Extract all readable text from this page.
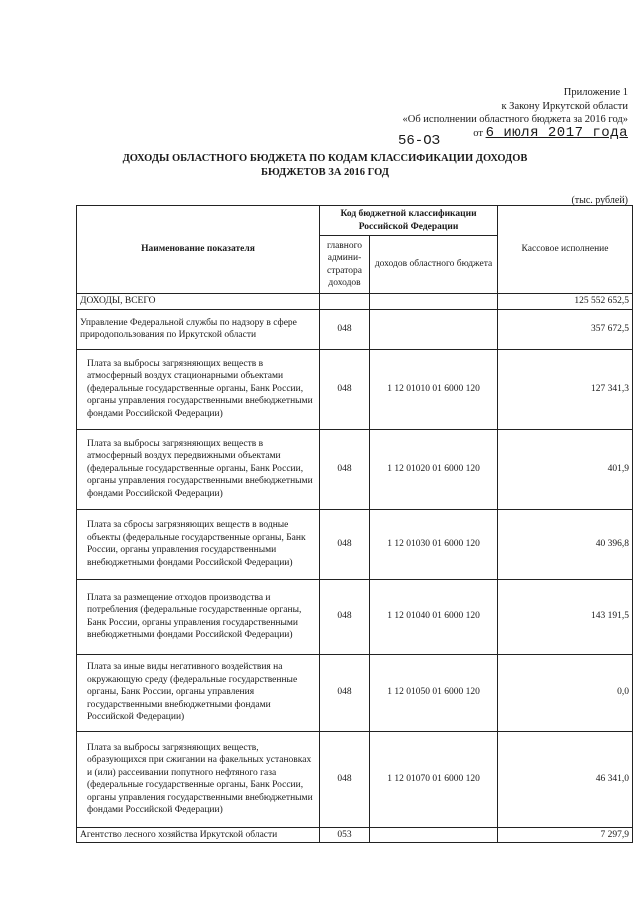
Приложение 1
к Закону Иркутской области
«Об исполнении областного бюджета за 2016 год»
от 6 июля 2017 года
56-ОЗ
ДОХОДЫ ОБЛАСТНОГО БЮДЖЕТА ПО КОДАМ КЛАССИФИКАЦИИ ДОХОДОВ
БЮДЖЕТОВ ЗА 2016 ГОД
(тыс. рублей)
Наименование показателя	Код бюджетной классификации Российской Федерации		Кассовое исполнение
	главного админи-стратора доходов	доходов областного бюджета	
ДОХОДЫ, ВСЕГО			125 552 652,5
Управление Федеральной службы по надзору в сфере природопользования по Иркутской области	048		357 672,5
Плата за выбросы загрязняющих веществ в атмосферный воздух стационарными объектами (федеральные государственные органы, Банк России, органы управления государственными внебюджетными фондами Российской Федерации)	048	1 12 01010 01 6000 120	127 341,3
Плата за выбросы загрязняющих веществ в атмосферный воздух передвижными объектами (федеральные государственные органы, Банк России, органы управления государственными внебюджетными фондами Российской Федерации)	048	1 12 01020 01 6000 120	401,9
Плата за сбросы загрязняющих веществ в водные объекты (федеральные государственные органы, Банк России, органы управления государственными внебюджетными фондами Российской Федерации)	048	1 12 01030 01 6000 120	40 396,8
Плата за размещение отходов производства и потребления (федеральные государственные органы, Банк России, органы управления государственными внебюджетными фондами Российской Федерации)	048	1 12 01040 01 6000 120	143 191,5
Плата за иные виды негативного воздействия на окружающую среду (федеральные государственные органы, Банк России, органы управления государственными внебюджетными фондами Российской Федерации)	048	1 12 01050 01 6000 120	0,0
Плата за выбросы загрязняющих веществ, образующихся при сжигании на факельных установках и (или) рассеивании попутного нефтяного газа (федеральные государственные органы, Банк России, органы управления государственными внебюджетными фондами Российской Федерации)	048	1 12 01070 01 6000 120	46 341,0
Агентство лесного хозяйства Иркутской области	053		7 297,9
